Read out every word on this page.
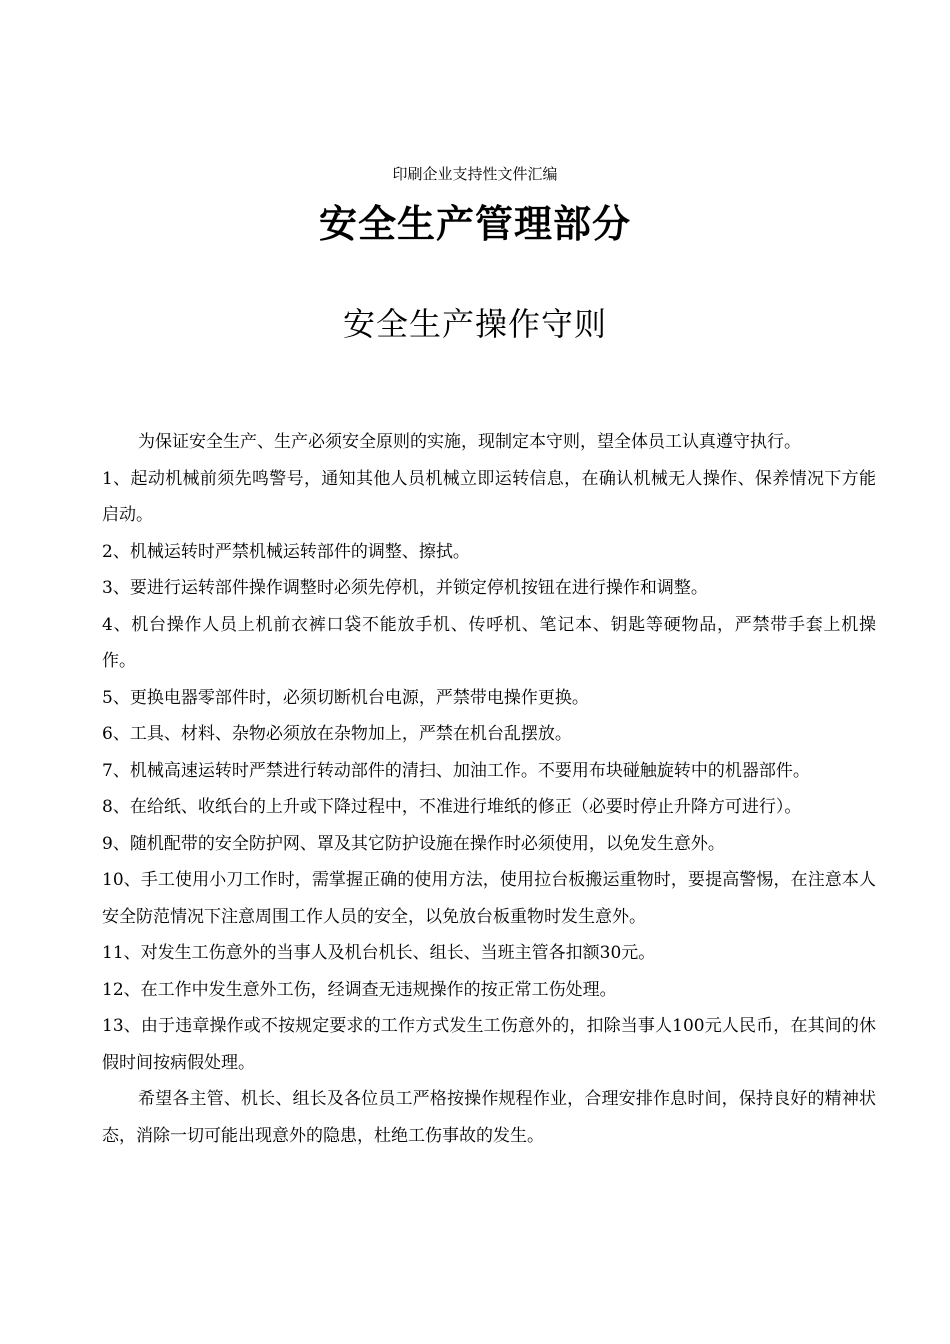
印刷企业支持性文件汇编
安全生产管理部分
安全生产操作守则

为保证安全生产、生产必须安全原则的实施，现制定本守则，望全体员工认真遵守执行。

1、起动机械前须先鸣警号，通知其他人员机械立即运转信息，在确认机械无人操作、保养情况下方能启动。

2、机械运转时严禁机械运转部件的调整、擦拭。

3、要进行运转部件操作调整时必须先停机，并锁定停机按钮在进行操作和调整。

4、机台操作人员上机前衣裤口袋不能放手机、传呼机、笔记本、钥匙等硬物品，严禁带手套上机操作。

5、更换电器零部件时，必须切断机台电源，严禁带电操作更换。

6、工具、材料、杂物必须放在杂物加上，严禁在机台乱摆放。

7、机械高速运转时严禁进行转动部件的清扫、加油工作。不要用布块碰触旋转中的机器部件。

8、在给纸、收纸台的上升或下降过程中，不准进行堆纸的修正（必要时停止升降方可进行）。

9、随机配带的安全防护网、罩及其它防护设施在操作时必须使用，以免发生意外。

10、手工使用小刀工作时，需掌握正确的使用方法，使用拉台板搬运重物时，要提高警惕，在注意本人安全防范情况下注意周围工作人员的安全，以免放台板重物时发生意外。

11、对发生工伤意外的当事人及机台机长、组长、当班主管各扣额30元。

12、在工作中发生意外工伤，经调查无违规操作的按正常工伤处理。

13、由于违章操作或不按规定要求的工作方式发生工伤意外的，扣除当事人100元人民币，在其间的休假时间按病假处理。

希望各主管、机长、组长及各位员工严格按操作规程作业，合理安排作息时间，保持良好的精神状态，消除一切可能出现意外的隐患，杜绝工伤事故的发生。
